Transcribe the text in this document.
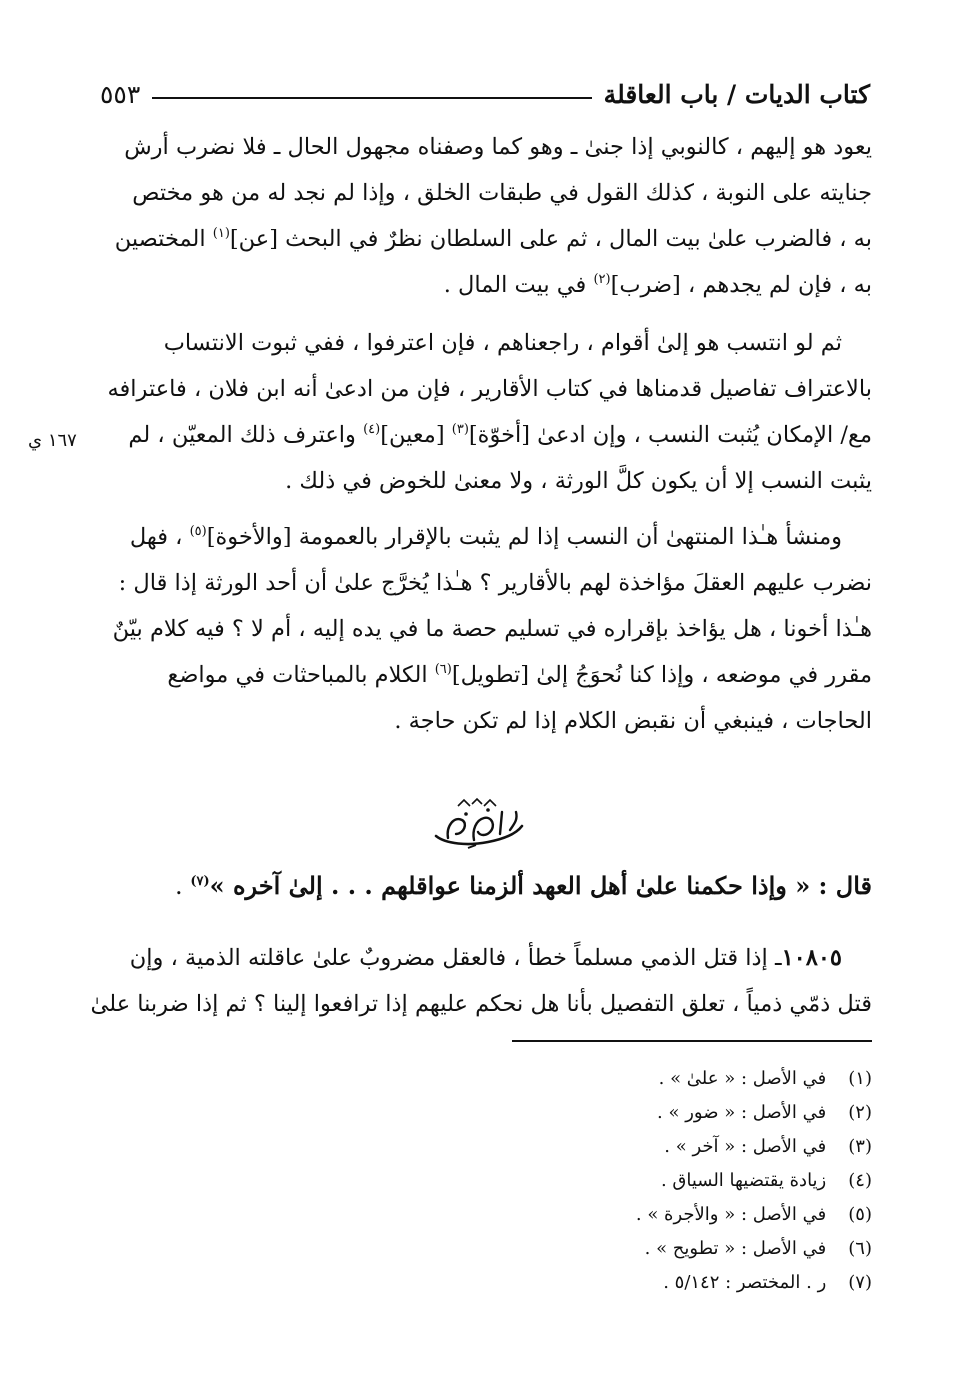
كتاب الديات / باب العاقلة
٥٥٣
يعود هو إليهم ، كالنوبي إذا جنىٰ ـ وهو كما وصفناه مجهول الحال ـ فلا نضرب أرش
جنايته على النوبة ، كذلك القول في طبقات الخلق ، وإذا لم نجد له من هو مختص
به ، فالضرب علىٰ بيت المال ، ثم على السلطان نظرٌ في البحث [عن]$^{(١)}$ المختصين
به ، فإن لم يجدهم ، [ضرب]$^{(٢)}$ في بيت المال .
ثم لو انتسب هو إلىٰ أقوام ، راجعناهم ، فإن اعترفوا ، ففي ثبوت الانتساب
بالاعتراف تفاصيل قدمناها في كتاب الأقارير ، فإن من ادعىٰ أنه ابن فلان ، فاعترافه
مع/ الإمكان يُثبت النسب ، وإن ادعىٰ [أخوّة]$^{(٣)}$ [معين]$^{(٤)}$ واعترف ذلك المعيّن ، لم
يثبت النسب إلا أن يكون كلَّ الورثة ، ولا معنىٰ للخوض في ذلك .
١٦٧ ي
ومنشأ هـٰذا المنتهىٰ أن النسب إذا لم يثبت بالإقرار بالعمومة [والأخوة]$^{(٥)}$ ، فهل
نضرب عليهم العقلَ مؤاخذة لهم بالأقارير ؟ هـٰذا يُخرَّج علىٰ أن أحد الورثة إذا قال :
هـٰذا أخونا ، هل يؤاخذ بإقراره في تسليم حصة ما في يده إليه ، أم لا ؟ فيه كلام بيّنٌ
مقرر في موضعه ، وإذا كنا نُحوَجُ إلىٰ [تطويل]$^{(٦)}$ الكلام بالمباحثات في مواضع
الحاجات ، فينبغي أن نقبض الكلام إذا لم تكن حاجة .
قال : « وإذا حكمنا علىٰ أهل العهد ألزمنا عواقلهم . . . إلىٰ آخره »$^{(٧)}$ .
١٠٨٠٥ـ إذا قتل الذمي مسلماً خطأ ، فالعقل مضروبٌ علىٰ عاقلته الذمية ، وإن
قتل ذمّي ذمياً ، تعلق التفصيل بأنا هل نحكم عليهم إذا ترافعوا إلينا ؟ ثم إذا ضربنا علىٰ
(١) في الأصل : « علىٰ » .
(٢) في الأصل : « ضور » .
(٣) في الأصل : « آخر » .
(٤) زيادة يقتضيها السياق .
(٥) في الأصل : « والأجرة » .
(٦) في الأصل : « تطويح » .
(٧) ر . المختصر : ٥/١٤٢ .
